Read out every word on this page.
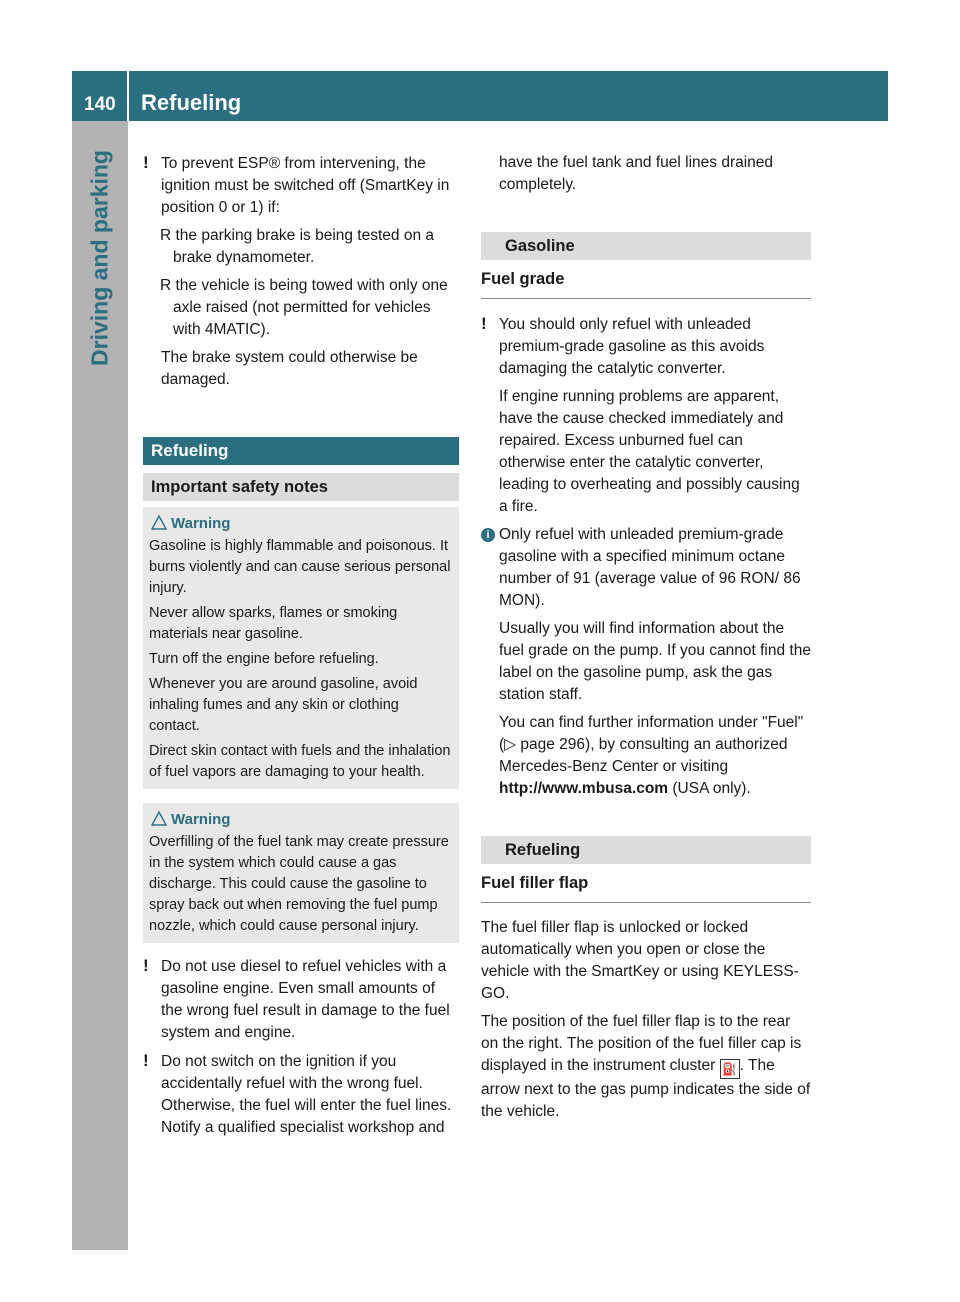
140 Refueling
Driving and parking ! To prevent ESP® from intervening, the ignition must be switched off (SmartKey in position 0 or 1) if:

R the parking brake is being tested on a brake dynamometer.

R the vehicle is being towed with only one axle raised (not permitted for vehicles with 4MATIC).

The brake system could otherwise be damaged.

Refueling
Important safety notes
Warning

Gasoline is highly flammable and poisonous. It burns violently and can cause serious personal injury.

Never allow sparks, flames or smoking materials near gasoline.

Turn off the engine before refueling.

Whenever you are around gasoline, avoid inhaling fumes and any skin or clothing contact.

Direct skin contact with fuels and the inhalation of fuel vapors are damaging to your health.

Warning

Overfilling of the fuel tank may create pressure in the system which could cause a gas discharge. This could cause the gasoline to spray back out when removing the fuel pump nozzle, which could cause personal injury.

! Do not use diesel to refuel vehicles with a gasoline engine. Even small amounts of the wrong fuel result in damage to the fuel system and engine.

! Do not switch on the ignition if you accidentally refuel with the wrong fuel. Otherwise, the fuel will enter the fuel lines. Notify a qualified specialist workshop and

have the fuel tank and fuel lines drained completely.

Gasoline
Fuel grade

! You should only refuel with unleaded premium-grade gasoline as this avoids damaging the catalytic converter.

If engine running problems are apparent, have the cause checked immediately and repaired. Excess unburned fuel can otherwise enter the catalytic converter, leading to overheating and possibly causing a fire.

i Only refuel with unleaded premium-grade gasoline with a specified minimum octane number of 91 (average value of 96 RON/ 86 MON).

Usually you will find information about the fuel grade on the pump. If you cannot find the label on the gasoline pump, ask the gas station staff.

You can find further information under "Fuel" (▷ page 296), by consulting an authorized Mercedes-Benz Center or visiting http://www.mbusa.com (USA only).

Refueling
Fuel filler flap

The fuel filler flap is unlocked or locked automatically when you open or close the vehicle with the SmartKey or using KEYLESS-GO.

The position of the fuel filler flap is to the rear on the right. The position of the fuel filler cap is displayed in the instrument cluster ⛽ . The arrow next to the gas pump indicates the side of the vehicle.
